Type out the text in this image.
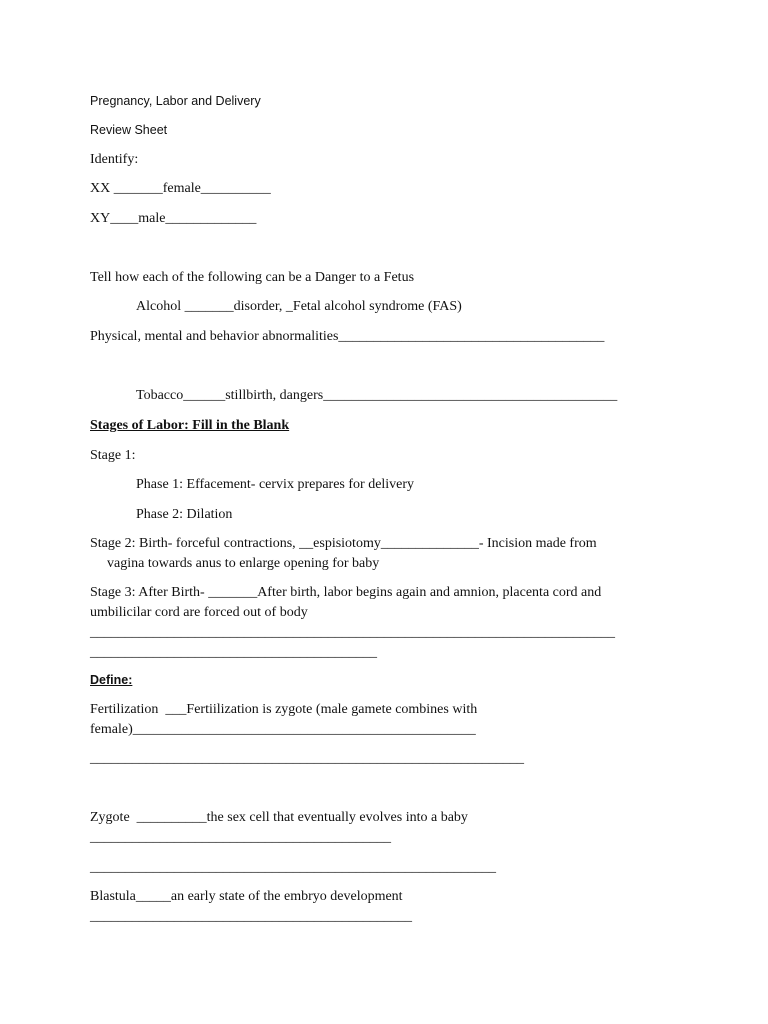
Pregnancy, Labor and Delivery
Review Sheet
Identify:
XX _______female__________
XY____male_____________
Tell how each of the following can be a Danger to a Fetus
Alcohol _______disorder, _Fetal alcohol syndrome (FAS)
Physical, mental and behavior abnormalities______________________________________
Tobacco______stillbirth, dangers__________________________________________
Stages of Labor: Fill in the Blank
Stage 1:
Phase 1: Effacement- cervix prepares for delivery
Phase 2: Dilation
Stage 2: Birth- forceful contractions, __espisiotomy______________- Incision made from
vagina towards anus to enlarge opening for baby
Stage 3: After Birth- _______After birth, labor begins again and amnion, placenta cord and
umbilicilar cord are forced out of body
___________________________________________________________________________
_________________________________________
Define:
Fertilization  ___Fertiilization is zygote (male gamete combines with
female)_________________________________________________
______________________________________________________________
Zygote  __________the sex cell that eventually evolves into a baby
___________________________________________
__________________________________________________________
Blastula_____an early state of the embryo development
______________________________________________
